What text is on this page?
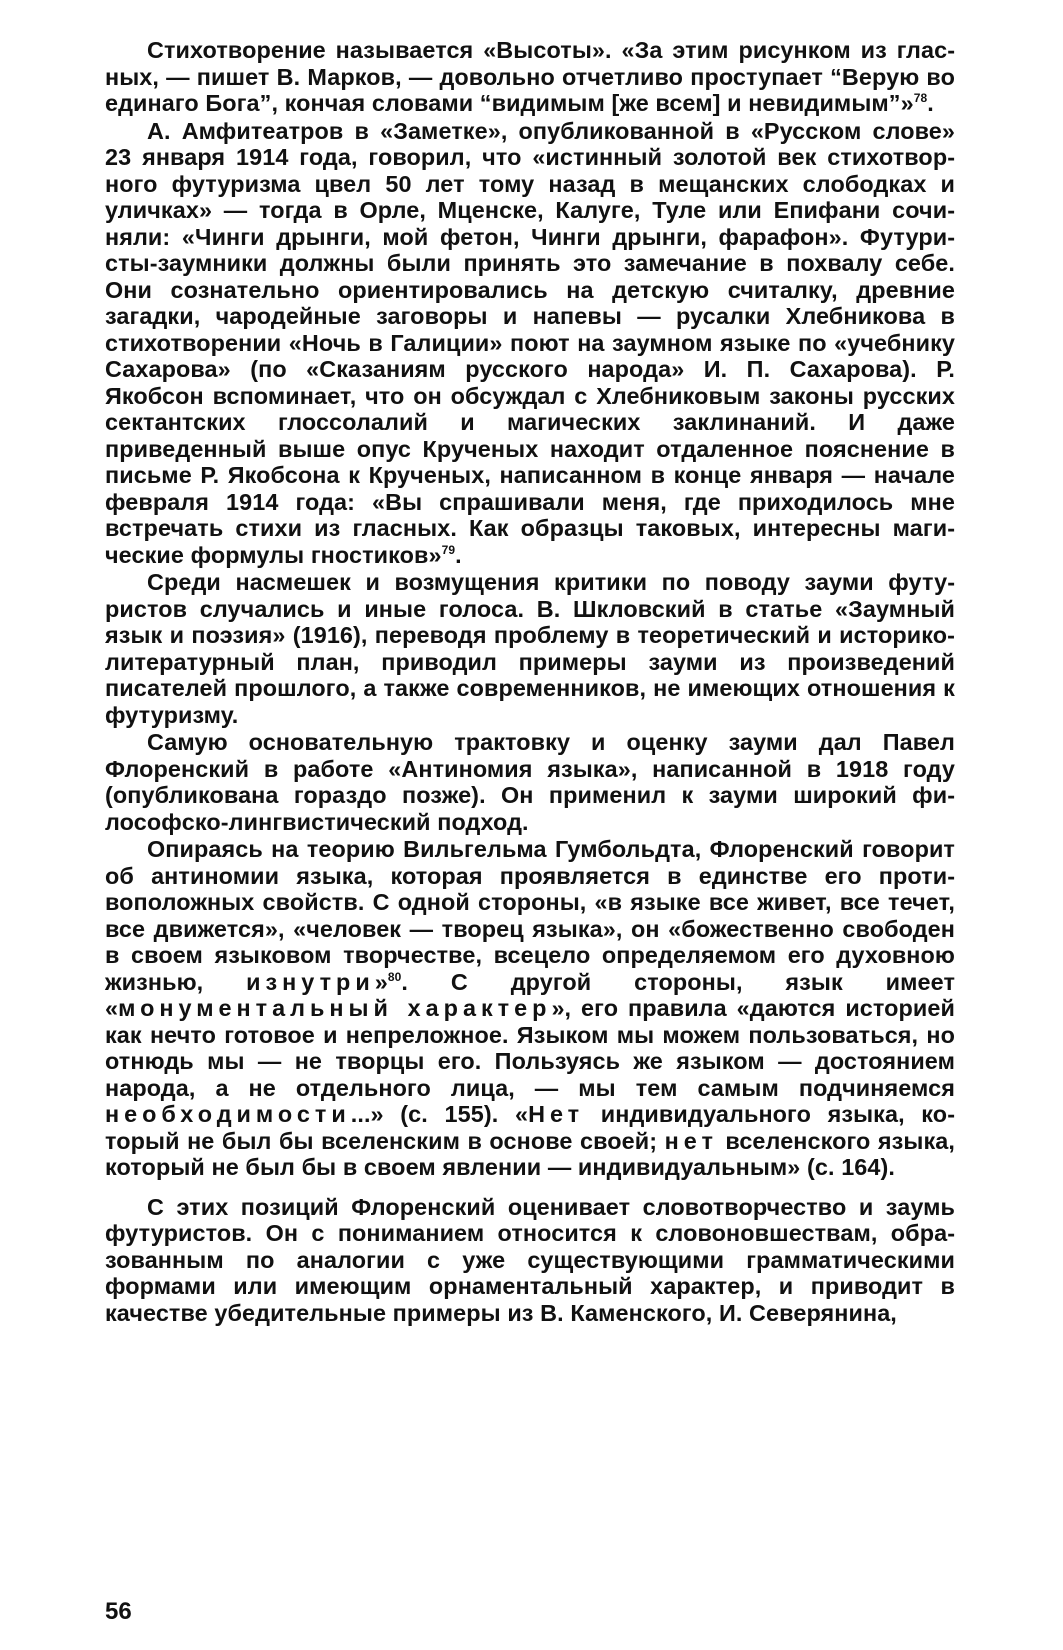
Стихотворение называется «Высоты». «За этим рисунком из гласных, — пишет В. Марков, — довольно отчетливо проступает “Верую во единаго Бога”, кончая словами “видимым [же всем] и невидимым”»$^{78}$.

А. Амфитеатров в «Заметке», опубликованной в «Русском слове» 23 января 1914 года, говорил, что «истинный золотой век стихотворного футуризма цвел 50 лет тому назад в мещанских слободках и уличках» — тогда в Орле, Мценске, Калуге, Туле или Епифани сочиняли: «Чинги дрынги, мой фетон, Чинги дрынги, фарафон». Футуристы-заумники должны были принять это замечание в похвалу себе. Они сознательно ориентировались на детскую считалку, древние загадки, чародейные заговоры и напевы — русалки Хлебникова в стихотворении «Ночь в Галиции» поют на заумном языке по «учебнику Сахарова» (по «Сказаниям русского народа» И. П. Сахарова). Р. Якобсон вспоминает, что он обсуждал с Хлебниковым законы русских сектантских глоссолалий и магических заклинаний. И даже приведенный выше опус Крученых находит отдаленное пояснение в письме Р. Якобсона к Крученых, написанном в конце января — начале февраля 1914 года: «Вы спрашивали меня, где приходилось мне встречать стихи из гласных. Как образцы таковых, интересны магические формулы гностиков»$^{79}$.

Среди насмешек и возмущения критики по поводу зауми футуристов случались и иные голоса. В. Шкловский в статье «Заумный язык и поэзия» (1916), переводя проблему в теоретический и историко-литературный план, приводил примеры зауми из произведений писателей прошлого, а также современников, не имеющих отношения к футуризму.

Самую основательную трактовку и оценку зауми дал Павел Флоренский в работе «Антиномия языка», написанной в 1918 году (опубликована гораздо позже). Он применил к зауми широкий философско-лингвистический подход.

Опираясь на теорию Вильгельма Гумбольдта, Флоренский говорит об антиномии языка, которая проявляется в единстве его противоположных свойств. С одной стороны, «в языке все живет, все течет, все движется», «человек — творец языка», он «божественно свободен в своем языковом творчестве, всецело определяемом его духовною жизнью, изнутри»$^{80}$. С другой стороны, язык имеет «монументальный характер», его правила «даются историей как нечто готовое и непреложное. Языком мы можем пользоваться, но отнюдь мы — не творцы его. Пользуясь же языком — достоянием народа, а не отдельного лица, — мы тем самым подчиняемся необходимости...» (с. 155). «Нет индивидуального языка, который не был бы вселенским в основе своей; нет вселенского языка, который не был бы в своем явлении — индивидуальным» (с. 164).

С этих позиций Флоренский оценивает словотворчество и заумь футуристов. Он с пониманием относится к словоновшествам, образованным по аналогии с уже существующими грамматическими формами или имеющим орнаментальный характер, и приводит в качестве убедительные примеры из В. Каменского, И. Северянина,

56
